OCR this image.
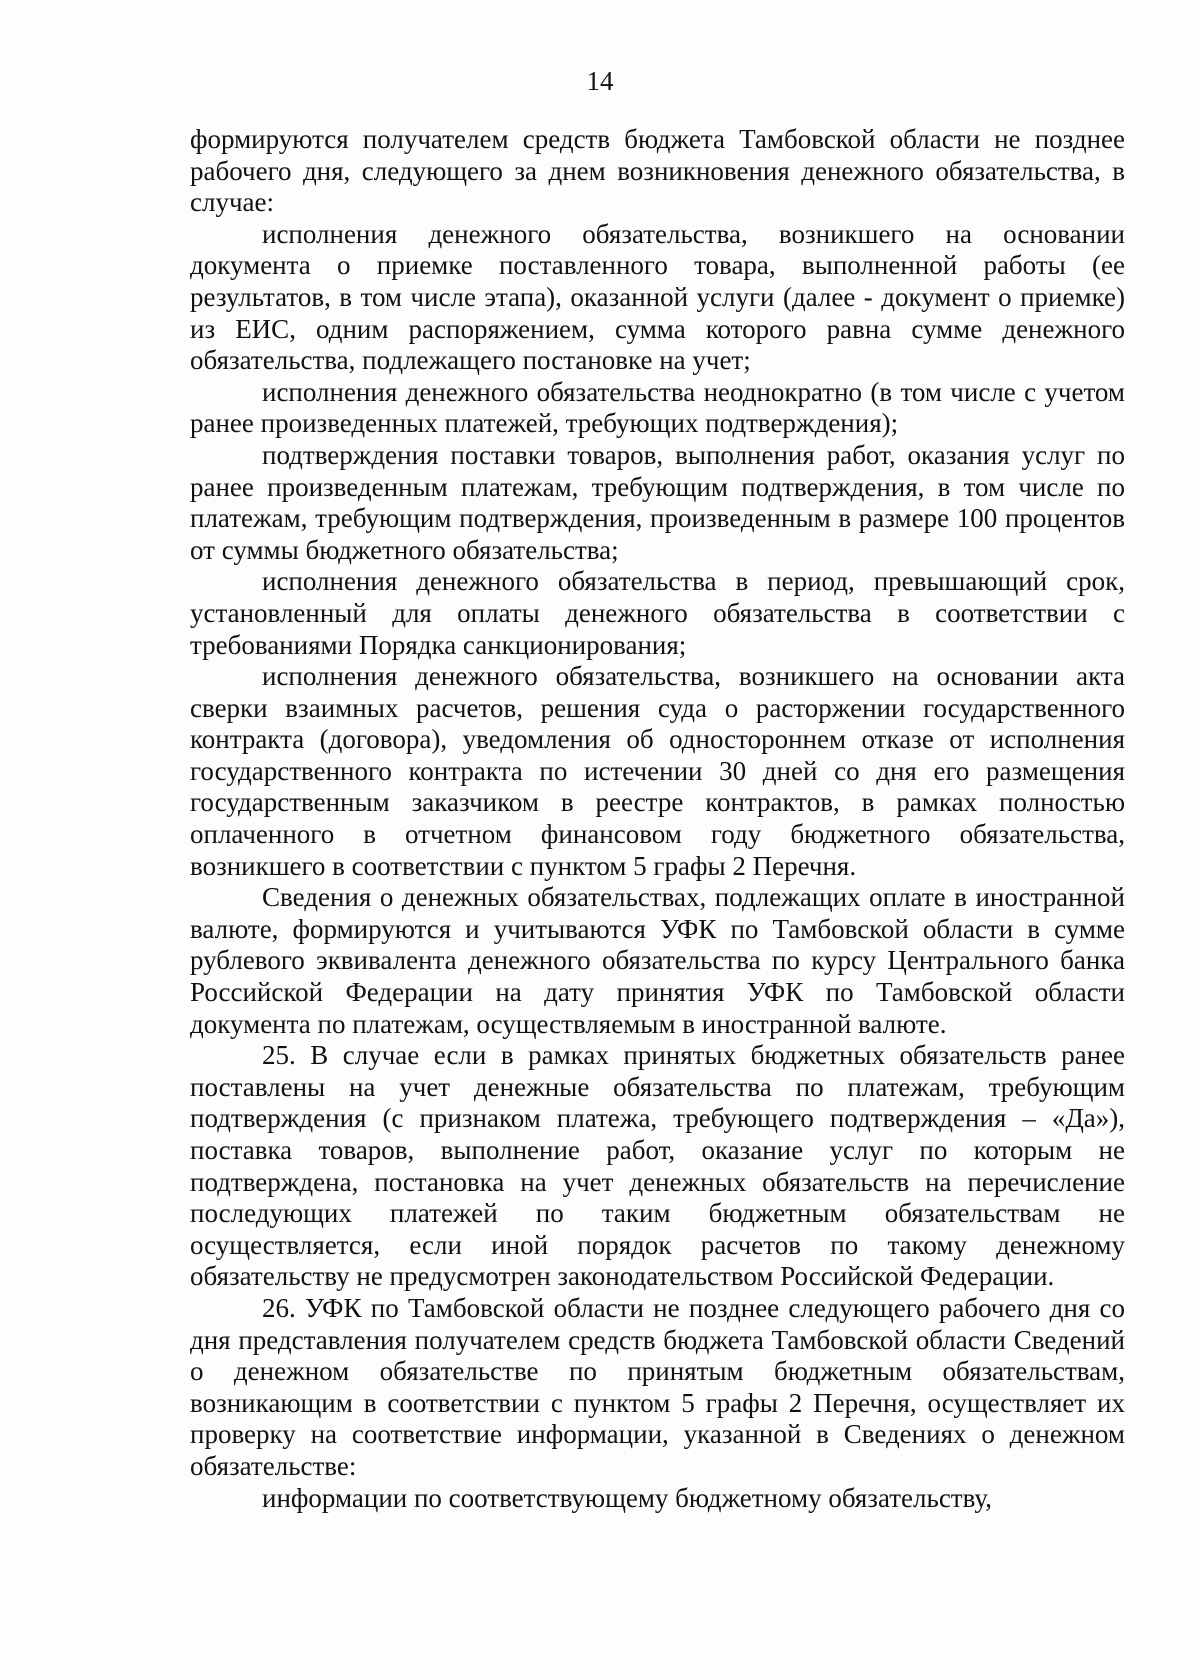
14

формируются получателем средств бюджета Тамбовской области не позднее рабочего дня, следующего за днем возникновения денежного обязательства, в случае:

исполнения денежного обязательства, возникшего на основании документа о приемке поставленного товара, выполненной работы (ее результатов, в том числе этапа), оказанной услуги (далее - документ о приемке) из ЕИС, одним распоряжением, сумма которого равна сумме денежного обязательства, подлежащего постановке на учет;

исполнения денежного обязательства неоднократно (в том числе с учетом ранее произведенных платежей, требующих подтверждения);

подтверждения поставки товаров, выполнения работ, оказания услуг по ранее произведенным платежам, требующим подтверждения, в том числе по платежам, требующим подтверждения, произведенным в размере 100 процентов от суммы бюджетного обязательства;

исполнения денежного обязательства в период, превышающий срок, установленный для оплаты денежного обязательства в соответствии с требованиями Порядка санкционирования;

исполнения денежного обязательства, возникшего на основании акта сверки взаимных расчетов, решения суда о расторжении государственного контракта (договора), уведомления об одностороннем отказе от исполнения государственного контракта по истечении 30 дней со дня его размещения государственным заказчиком в реестре контрактов, в рамках полностью оплаченного в отчетном финансовом году бюджетного обязательства, возникшего в соответствии с пунктом 5 графы 2 Перечня.

Сведения о денежных обязательствах, подлежащих оплате в иностранной валюте, формируются и учитываются УФК по Тамбовской области в сумме рублевого эквивалента денежного обязательства по курсу Центрального банка Российской Федерации на дату принятия УФК по Тамбовской области документа по платежам, осуществляемым в иностранной валюте.

25. В случае если в рамках принятых бюджетных обязательств ранее поставлены на учет денежные обязательства по платежам, требующим подтверждения (с признаком платежа, требующего подтверждения – «Да»), поставка товаров, выполнение работ, оказание услуг по которым не подтверждена, постановка на учет денежных обязательств на перечисление последующих платежей по таким бюджетным обязательствам не осуществляется, если иной порядок расчетов по такому денежному обязательству не предусмотрен законодательством Российской Федерации.

26. УФК по Тамбовской области не позднее следующего рабочего дня со дня представления получателем средств бюджета Тамбовской области Сведений о денежном обязательстве по принятым бюджетным обязательствам, возникающим в соответствии с пунктом 5 графы 2 Перечня, осуществляет их проверку на соответствие информации, указанной в Сведениях о денежном обязательстве:

информации по соответствующему бюджетному обязательству,
